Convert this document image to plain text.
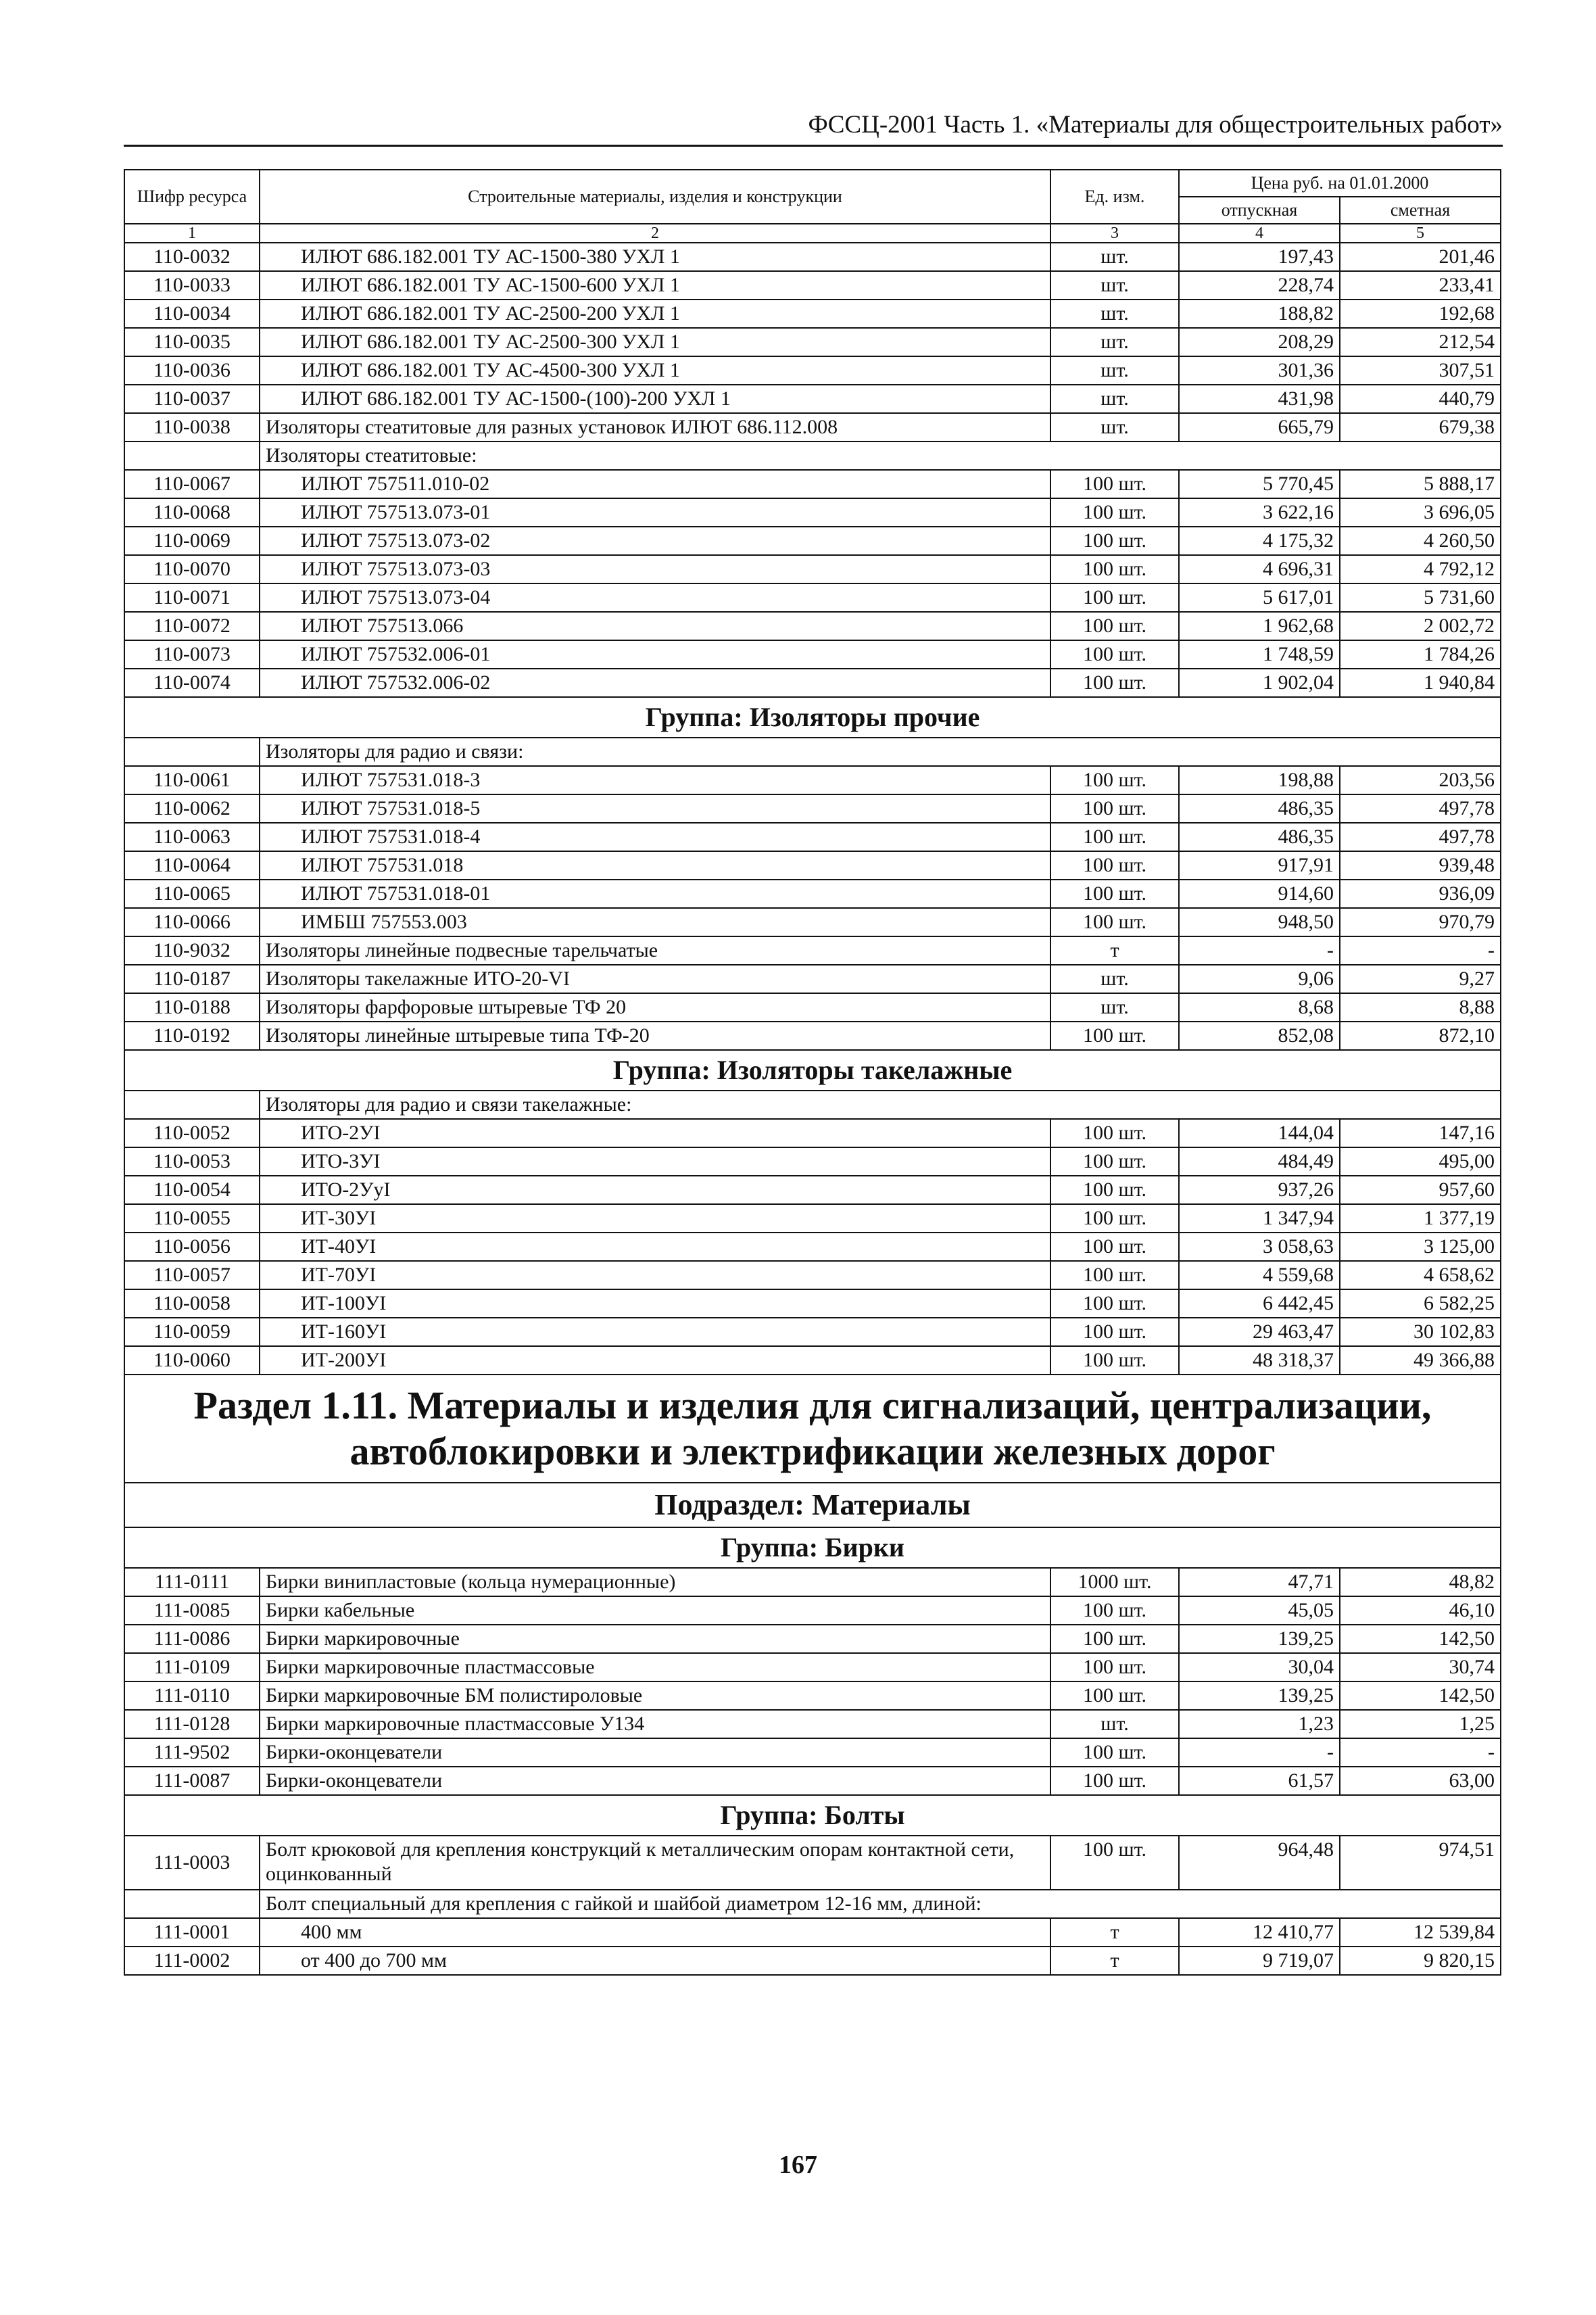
ФССЦ-2001 Часть 1. «Материалы для общестроительных работ»
Шифр ресурса	Строительные материалы, изделия и конструкции	Ед. изм.	Цена руб. на 01.01.2000	
			отпускная	сметная
1	2	3	4	5
110-0032	ИЛЮТ 686.182.001 ТУ АС-1500-380 УХЛ 1	шт.	197,43	201,46
110-0033	ИЛЮТ 686.182.001 ТУ АС-1500-600 УХЛ 1	шт.	228,74	233,41
110-0034	ИЛЮТ 686.182.001 ТУ АС-2500-200 УХЛ 1	шт.	188,82	192,68
110-0035	ИЛЮТ 686.182.001 ТУ АС-2500-300 УХЛ 1	шт.	208,29	212,54
110-0036	ИЛЮТ 686.182.001 ТУ АС-4500-300 УХЛ 1	шт.	301,36	307,51
110-0037	ИЛЮТ 686.182.001 ТУ АС-1500-(100)-200 УХЛ 1	шт.	431,98	440,79
110-0038	Изоляторы стеатитовые для разных установок ИЛЮТ 686.112.008	шт.	665,79	679,38
	Изоляторы стеатитовые:			
110-0067	ИЛЮТ 757511.010-02	100 шт.	5 770,45	5 888,17
110-0068	ИЛЮТ 757513.073-01	100 шт.	3 622,16	3 696,05
110-0069	ИЛЮТ 757513.073-02	100 шт.	4 175,32	4 260,50
110-0070	ИЛЮТ 757513.073-03	100 шт.	4 696,31	4 792,12
110-0071	ИЛЮТ 757513.073-04	100 шт.	5 617,01	5 731,60
110-0072	ИЛЮТ 757513.066	100 шт.	1 962,68	2 002,72
110-0073	ИЛЮТ 757532.006-01	100 шт.	1 748,59	1 784,26
110-0074	ИЛЮТ 757532.006-02	100 шт.	1 902,04	1 940,84
Группа: Изоляторы прочие				
	Изоляторы для радио и связи:			
110-0061	ИЛЮТ 757531.018-3	100 шт.	198,88	203,56
110-0062	ИЛЮТ 757531.018-5	100 шт.	486,35	497,78
110-0063	ИЛЮТ 757531.018-4	100 шт.	486,35	497,78
110-0064	ИЛЮТ 757531.018	100 шт.	917,91	939,48
110-0065	ИЛЮТ 757531.018-01	100 шт.	914,60	936,09
110-0066	ИМБШ 757553.003	100 шт.	948,50	970,79
110-9032	Изоляторы линейные подвесные тарельчатые	т	-	-
110-0187	Изоляторы такелажные ИТО-20-VI	шт.	9,06	9,27
110-0188	Изоляторы фарфоровые штыревые ТФ 20	шт.	8,68	8,88
110-0192	Изоляторы линейные штыревые типа ТФ-20	100 шт.	852,08	872,10
Группа: Изоляторы такелажные				
	Изоляторы для радио и связи такелажные:			
110-0052	ИТО-2УI	100 шт.	144,04	147,16
110-0053	ИТО-3УI	100 шт.	484,49	495,00
110-0054	ИТО-2УуI	100 шт.	937,26	957,60
110-0055	ИТ-30УI	100 шт.	1 347,94	1 377,19
110-0056	ИТ-40УI	100 шт.	3 058,63	3 125,00
110-0057	ИТ-70УI	100 шт.	4 559,68	4 658,62
110-0058	ИТ-100УI	100 шт.	6 442,45	6 582,25
110-0059	ИТ-160УI	100 шт.	29 463,47	30 102,83
110-0060	ИТ-200УI	100 шт.	48 318,37	49 366,88
Раздел 1.11. Материалы и изделия для сигнализаций, централизации, автоблокировки и электрификации железных дорог				
Подраздел: Материалы				
Группа: Бирки				
111-0111	Бирки винипластовые (кольца нумерационные)	1000 шт.	47,71	48,82
111-0085	Бирки кабельные	100 шт.	45,05	46,10
111-0086	Бирки маркировочные	100 шт.	139,25	142,50
111-0109	Бирки маркировочные пластмассовые	100 шт.	30,04	30,74
111-0110	Бирки маркировочные БМ полистироловые	100 шт.	139,25	142,50
111-0128	Бирки маркировочные пластмассовые У134	шт.	1,23	1,25
111-9502	Бирки-оконцеватели	100 шт.	-	-
111-0087	Бирки-оконцеватели	100 шт.	61,57	63,00
Группа: Болты				
111-0003	Болт крюковой для крепления конструкций к металлическим опорам контактной сети, оцинкованный	100 шт.	964,48	974,51
	Болт специальный для крепления с гайкой и шайбой диаметром 12-16 мм, длиной:			
111-0001	400 мм	т	12 410,77	12 539,84
111-0002	от 400 до 700 мм	т	9 719,07	9 820,15
167
